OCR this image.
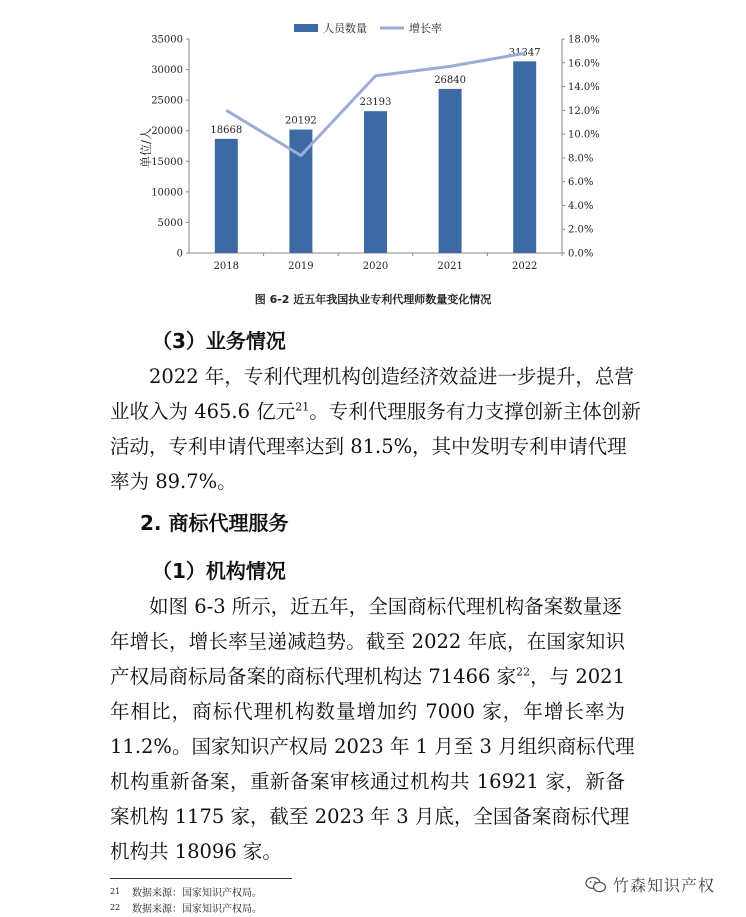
人员数量	增长率
0
5000
10000
15000
20000
25000
30000
35000
0.0%
2.0%
4.0%
6.0%
8.0%
10.0%
12.0%
14.0%
16.0%
18.0%
18668
2018
20192
2019
23193
2020
26840
2021
31347
2022
单位/人
图 6-2 近五年我国执业专利代理师数量变化情况
（3）业务情况
2022 年，专利代理机构创造经济效益进一步提升，总营
业收入为 465.6 亿元$^{21}$。专利代理服务有力支撑创新主体创新
活动，专利申请代理率达到 81.5%，其中发明专利申请代理
率为 89.7%。
2. 商标代理服务
（1）机构情况
如图 6-3 所示，近五年，全国商标代理机构备案数量逐
年增长，增长率呈递减趋势。截至 2022 年底，在国家知识
产权局商标局备案的商标代理机构达 71466 家$^{22}$，与 2021
年相比，商标代理机构数量增加约 7000 家，年增长率为
11.2%。国家知识产权局 2023 年 1 月至 3 月组织商标代理
机构重新备案，重新备案审核通过机构共 16921 家，新备
案机构 1175 家，截至 2023 年 3 月底，全国备案商标代理
机构共 18096 家。
21 数据来源：国家知识产权局。
22 数据来源：国家知识产权局。
竹森知识产权
